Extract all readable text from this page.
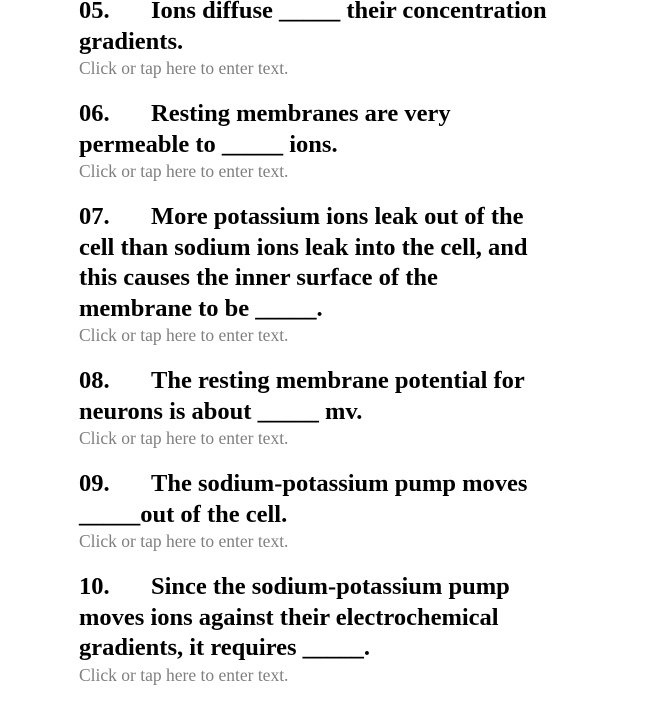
05. Ions diffuse _____ their concentration
gradients.

Click or tap here to enter text.

06. Resting membranes are very
permeable to _____ ions.

Click or tap here to enter text.

07. More potassium ions leak out of the
cell than sodium ions leak into the cell, and
this causes the inner surface of the
membrane to be _____.

Click or tap here to enter text.

08. The resting membrane potential for
neurons is about _____ mv.

Click or tap here to enter text.

09. The sodium-potassium pump moves
_____out of the cell.

Click or tap here to enter text.

10. Since the sodium-potassium pump
moves ions against their electrochemical
gradients, it requires _____.

Click or tap here to enter text.
